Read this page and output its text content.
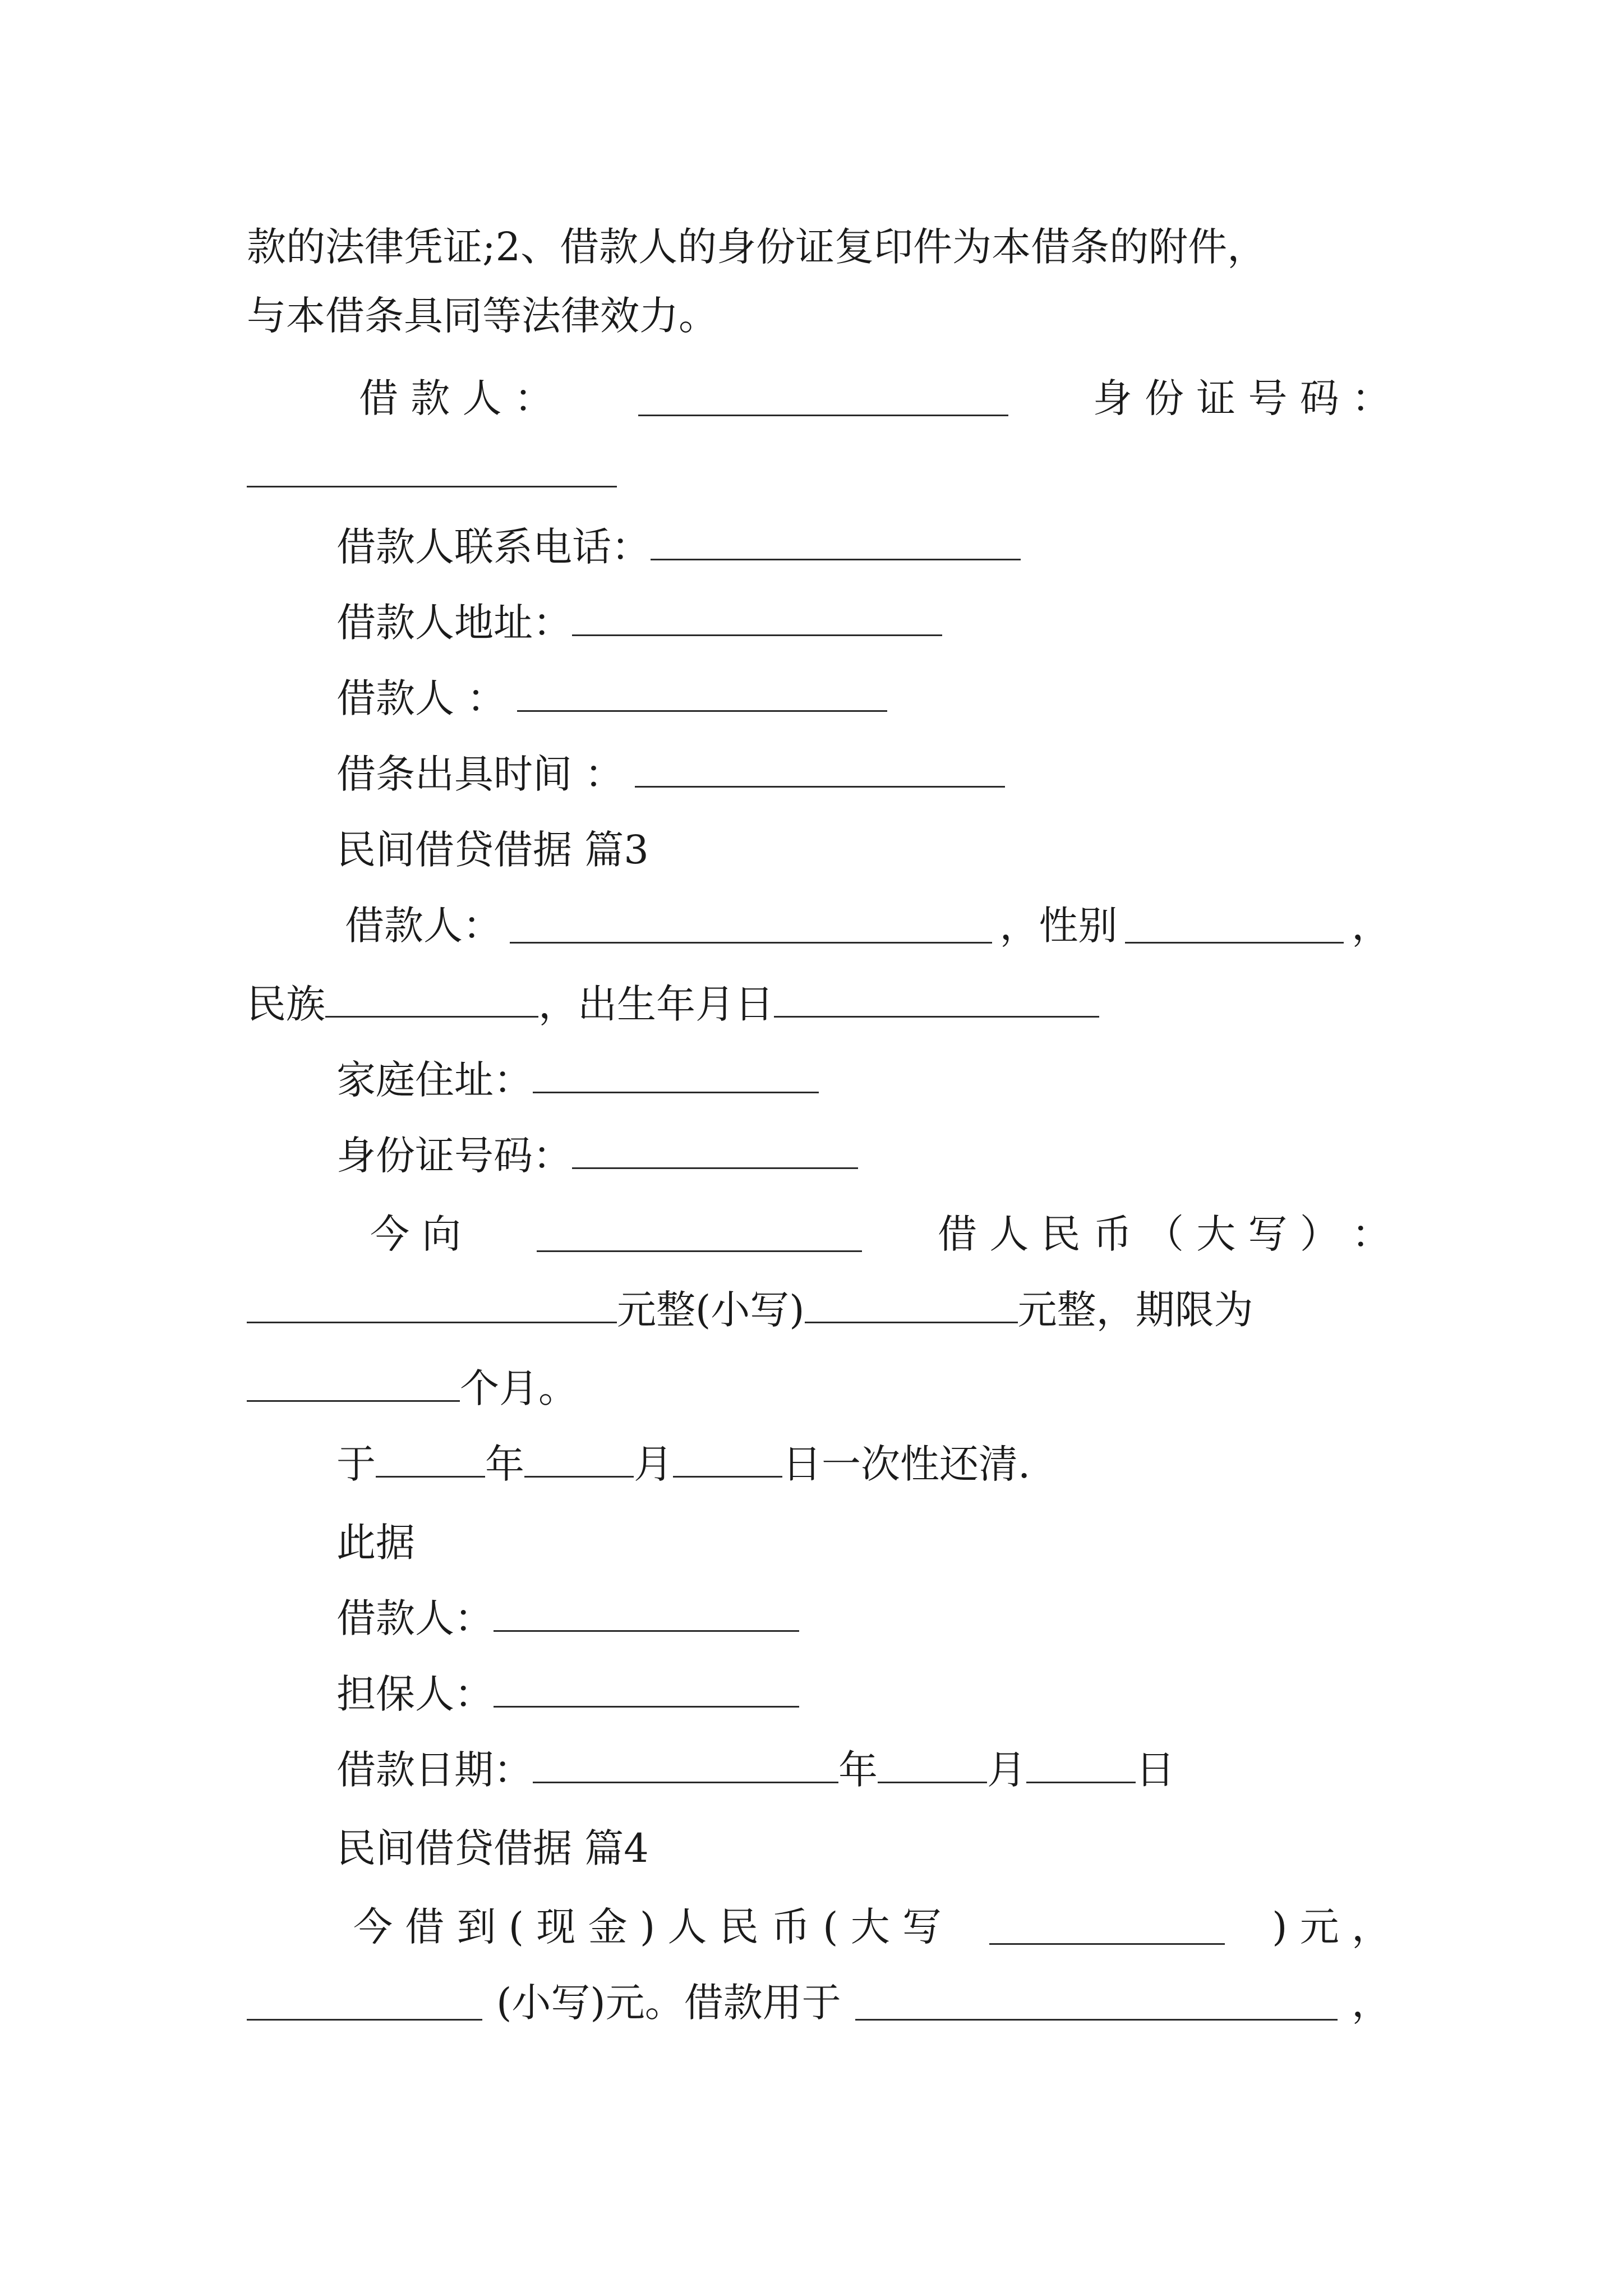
款的法律凭证;2、借款人的身份证复印件为本借条的附件，
与本借条具同等法律效力。
借 款 人 ：	身 份 证 号 码 ：
借款人联系电话：
借款人地址：
借款人 ：
借条出具时间 ：
民间借贷借据 篇3
借款人：	，性别	，
民族	，出生年月日
家庭住址：
身份证号码：
今 向	借 人 民 币 （ 大 写 ） ：
元整(小写)	元整，期限为
个月。
于	年	月	日一次性还清.
此据
借款人：
担保人：
借款日期：	年	月	日
民间借贷借据 篇4
今 借 到 ( 现 金 ) 人 民 币 ( 大 写	) 元 ，
(小写)元。借款用于	，
